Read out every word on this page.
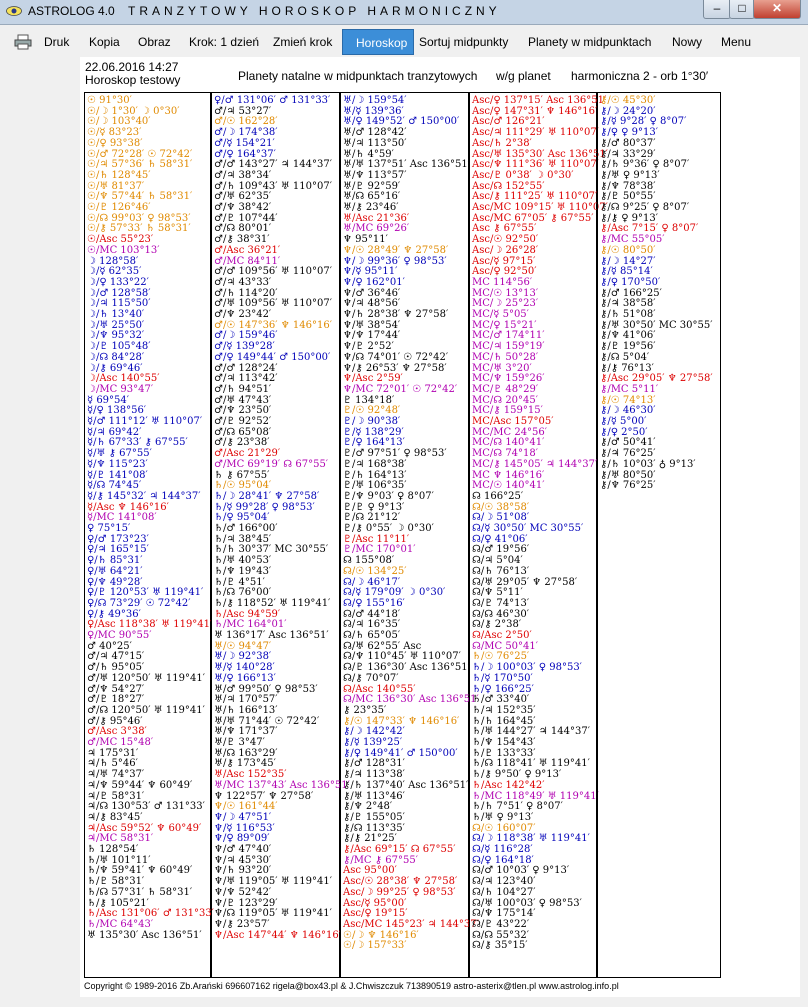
ASTROLOG 4.0 TRANZYTOWY HOROSKOP HARMONICZNY	–	□	✕
Druk Kopia Obraz Krok: 1 dzień Zmień krok	Horoskop Sortuj midpunkty Planety w midpunktach Nowy Menu
22.06.2016 14:27
Horoskop testowy	Planety natalne w midpunktach tranzytowych w/g planet harmoniczna 2 - orb 1°30′
☉ 91°30′
☉/☽ 1°30′ ☽ 0°30′
☉/☽ 103°40′
☉/☿ 83°23′
☉/♀ 93°38′
☉/♂ 72°28′ ☉ 72°42′
☉/♃ 57°36′ ♄ 58°31′
☉/♄ 128°45′
☉/♅ 81°37′
☉/♆ 57°44′ ♄ 58°31′
☉/♇ 126°46′
☉/☊ 99°03′ ♀ 98°53′
☉/⚷ 57°33′ ♄ 58°31′
☉/Asc 55°23′
☉/MC 103°13′
☽ 128°58′
☽/☿ 62°35′
☽/♀ 133°22′
☽/♂ 128°58′
☽/♃ 115°50′
☽/♄ 13°40′
☽/♅ 25°50′
☽/♆ 95°32′
☽/♇ 105°48′
☽/☊ 84°28′
☽/⚷ 69°46′
☽/Asc 140°55′
☽/MC 93°47′
☿ 69°54′
☿/♀ 138°56′
☿/♂ 111°12′ ♅ 110°07′
☿/♃ 69°42′
☿/♄ 67°33′ ⚷ 67°55′
☿/♅ ⚷ 67°55′
☿/♆ 115°23′
☿/♇ 141°08′
☿/☊ 74°45′
☿/⚷ 145°32′ ♃ 144°37′
☿/Asc ♆ 146°16′
☿/MC 141°08′
♀ 75°15′
♀/♂ 173°23′
♀/♃ 165°15′
♀/♄ 85°31′
♀/♅ 64°21′
♀/♆ 49°28′
♀/♇ 120°53′ ♅ 119°41′
♀/☊ 73°29′ ☉ 72°42′
♀/⚷ 49°36′
♀/Asc 118°38′ ♅ 119°41′
♀/MC 90°55′
♂ 40°25′
♂/♃ 47°15′
♂/♄ 95°05′
♂/♅ 120°50′ ♅ 119°41′
♂/♆ 54°27′
♂/♇ 18°27′
♂/☊ 120°50′ ♅ 119°41′
♂/⚷ 95°46′
♂/Asc 3°38′
♂/MC 15°48′
♃ 175°31′
♃/♄ 5°46′
♃/♅ 74°37′
♃/♆ 59°44′ ♆ 60°49′
♃/♇ 58°31′
♃/☊ 130°53′ ♂ 131°33′
♃/⚷ 83°45′
♃/Asc 59°52′ ♆ 60°49′
♃/MC 58°31′
♄ 128°54′
♄/♅ 101°11′
♄/♆ 59°41′ ♆ 60°49′
♄/♇ 58°31′
♄/☊ 57°31′ ♄ 58°31′
♄/⚷ 105°21′
♄/Asc 131°06′ ♂ 131°33′
♄/MC 64°43′
♅ 135°30′ Asc 136°51′
♀/♂ 131°06′ ♂ 131°33′
♂/♃ 53°27′
♂/☉ 162°28′
♂/☽ 174°38′
♂/☿ 154°21′
♂/♀ 164°37′
♂/♂ 143°27′ ♃ 144°37′
♂/♃ 38°34′
♂/♄ 109°43′ ♅ 110°07′
♂/♅ 62°35′
♂/♆ 38°42′
♂/♇ 107°44′
♂/☊ 80°01′
♂/⚷ 38°31′
♂/Asc 36°21′
♂/MC 84°11′
♂/♂ 109°56′ ♅ 110°07′
♂/♃ 43°33′
♂/♄ 114°20′
♂/♅ 109°56′ ♅ 110°07′
♂/♆ 23°42′
♂/☉ 147°36′ ♆ 146°16′
♂/☽ 159°46′
♂/☿ 139°28′
♂/♀ 149°44′ ♂ 150°00′
♂/♂ 128°24′
♂/♃ 113°42′
♂/♄ 94°51′
♂/♅ 47°43′
♂/♆ 23°50′
♂/♇ 92°52′
♂/☊ 65°08′
♂/⚷ 23°38′
♂/Asc 21°29′
♂/MC 69°19′ ☊ 67°55′
♄ ⚷ 67°55′
♄/☉ 95°04′
♄/☽ 28°41′ ♆ 27°58′
♄/☿ 99°28′ ♀ 98°53′
♄/♀ 95°04′
♄/♂ 166°00′
♄/♃ 38°45′
♄/♄ 30°37′ MC 30°55′
♄/♅ 40°53′
♄/♆ 19°43′
♄/♇ 4°51′
♄/☊ 76°00′
♄/⚷ 118°52′ ♅ 119°41′
♄/Asc 94°59′
♄/MC 164°01′
♅ 136°17′ Asc 136°51′
♅/☉ 94°47′
♅/☽ 92°38′
♅/☿ 140°28′
♅/♀ 166°13′
♅/♂ 99°50′ ♀ 98°53′
♅/♃ 170°57′
♅/♄ 166°13′
♅/♅ 71°44′ ☉ 72°42′
♅/♆ 171°37′
♅/♇ 3°47′
♅/☊ 163°29′
♅/⚷ 173°45′
♅/Asc 152°35′
♅/MC 137°43′ Asc 136°51′
♆ 122°57′ ♆ 27°58′
♆/☉ 161°44′
♆/☽ 47°51′
♆/☿ 116°53′
♆/♀ 89°09′
♆/♂ 47°40′
♆/♃ 45°30′
♆/♄ 93°20′
♆/♅ 119°05′ ♅ 119°41′
♆/♆ 52°42′
♆/♇ 123°29′
♆/☊ 119°05′ ♅ 119°41′
♆/⚷ 23°57′
♆/Asc 147°44′ ♆ 146°16′
♅/☽ 159°54′
♅/☿ 139°36′
♅/♀ 149°52′ ♂ 150°00′
♅/♂ 128°42′
♅/♃ 113°50′
♅/♄ 4°59′
♅/♅ 137°51′ Asc 136°51′
♅/♆ 113°57′
♅/♇ 92°59′
♅/☊ 65°16′
♅/⚷ 23°46′
♅/Asc 21°36′
♅/MC 69°26′
♆ 95°11′
♆/☉ 28°49′ ♆ 27°58′
♆/☽ 99°36′ ♀ 98°53′
♆/☿ 95°11′
♆/♀ 162°01′
♆/♂ 36°46′
♆/♃ 48°56′
♆/♄ 28°38′ ♆ 27°58′
♆/♅ 38°54′
♆/♆ 17°44′
♆/♇ 2°52′
♆/☊ 74°01′ ☉ 72°42′
♆/⚷ 26°53′ ♆ 27°58′
♆/Asc 2°59′
♆/MC 72°01′ ☉ 72°42′
♇ 134°18′
♇/☉ 92°48′
♇/☽ 90°38′
♇/☿ 138°29′
♇/♀ 164°13′
♇/♂ 97°51′ ♀ 98°53′
♇/♃ 168°38′
♇/♄ 164°13′
♇/♅ 106°35′
♇/♆ 9°03′ ♀ 8°07′
♇/♇ ♀ 9°13′
♇/☊ 21°12′
♇/⚷ 0°55′ ☽ 0°30′
♇/Asc 11°11′
♇/MC 170°01′
☊ 155°08′
☊/☉ 134°25′
☊/☽ 46°17′
☊/☿ 179°09′ ☽ 0°30′
☊/♀ 155°16′
☊/♂ 44°18′
☊/♃ 16°35′
☊/♄ 65°05′
☊/♅ 62°55′ Asc
☊/♆ 110°45′ ♅ 110°07′
☊/♇ 136°30′ Asc 136°51′
☊/⚷ 70°07′
☊/Asc 140°55′
☊/MC 136°30′ Asc 136°51′
⚷ 23°35′
⚷/☉ 147°33′ ♆ 146°16′
⚷/☽ 142°42′
⚷/☿ 139°25′
⚷/♀ 149°41′ ♂ 150°00′
⚷/♂ 128°31′
⚷/♃ 113°38′
⚷/♄ 137°40′ Asc 136°51′
⚷/♅ 113°46′
⚷/♆ 2°48′
⚷/♇ 155°05′
⚷/☊ 113°35′
⚷/⚷ 21°25′
⚷/Asc 69°15′ ☊ 67°55′
⚷/MC ⚷ 67°55′
Asc 95°00′
Asc/☉ 28°38′ ♆ 27°58′
Asc/☽ 99°25′ ♀ 98°53′
Asc/☿ 95°00′
Asc/♀ 19°15′
Asc/MC 145°23′ ♃ 144°37′
☉/☽ ♆ 146°16′
☉/☽ 157°33′
Asc/♀ 137°15′ Asc 136°51′
Asc/♀ 147°31′ ♆ 146°16′
Asc/♂ 126°21′
Asc/♃ 111°29′ ♅ 110°07′
Asc/♄ 2°38′
Asc/♅ 135°30′ Asc 136°51′
Asc/♆ 111°36′ ♅ 110°07′
Asc/♇ 0°38′ ☽ 0°30′
Asc/☊ 152°55′
Asc/⚷ 111°25′ ♅ 110°07′
Asc/MC 109°15′ ♅ 110°07′
Asc/MC 67°05′ ⚷ 67°55′
Asc ⚷ 67°55′
Asc/☉ 92°50′
Asc/☽ 26°28′
Asc/☿ 97°15′
Asc/♀ 92°50′
MC 114°56′
MC/☉ 13°13′
MC/☽ 25°23′
MC/☿ 5°05′
MC/♀ 15°21′
MC/♂ 174°11′
MC/♃ 159°19′
MC/♄ 50°28′
MC/♅ 3°20′
MC/♆ 159°26′
MC/♇ 48°29′
MC/☊ 20°45′
MC/⚷ 159°15′
MC/Asc 157°05′
MC/MC 24°56′
MC/☊ 140°41′
MC/☊ 74°18′
MC/⚷ 145°05′ ♃ 144°37′
MC ♆ 146°16′
MC/☉ 140°41′
☊ 166°25′
☊/☉ 38°58′
☊/☽ 51°08′
☊/☿ 30°50′ MC 30°55′
☊/♀ 41°06′
☊/♂ 19°56′
☊/♃ 5°04′
☊/♄ 76°13′
☊/♅ 29°05′ ♆ 27°58′
☊/♆ 5°11′
☊/♇ 74°13′
☊/☊ 46°30′
☊/⚷ 2°38′
☊/Asc 2°50′
☊/MC 50°41′
♄/☉ 76°25′
♄/☽ 100°03′ ♀ 98°53′
♄/☿ 170°50′
♄/♀ 166°25′
♄/♂ 33°40′
♄/♃ 152°35′
♄/♄ 164°45′
♄/♅ 144°27′ ♃ 144°37′
♄/♆ 154°43′
♄/♇ 133°33′
♄/☊ 118°41′ ♅ 119°41′
♄/⚷ 9°50′ ♀ 9°13′
♄/Asc 142°42′
♄/MC 118°49′ ♅ 119°41′
♄/♄ 7°51′ ♀ 8°07′
♄/♅ ♀ 9°13′
☊/☉ 160°07′
☊/☽ 118°38′ ♅ 119°41′
☊/☿ 116°28′
☊/♀ 164°18′
☊/♂ 10°03′ ♀ 9°13′
☊/♃ 123°40′
☊/♄ 104°27′
☊/♅ 100°03′ ♀ 98°53′
☊/♆ 175°14′
☊/♇ 43°22′
☊/☊ 55°32′
☊/⚷ 35°15′
⚷/☉ 45°30′
⚷/☽ 24°20′
⚷/☿ 9°28′ ♀ 8°07′
⚷/♀ ♀ 9°13′
⚷/♂ 80°37′
⚷/♃ 33°29′
⚷/♄ 9°36′ ♀ 8°07′
⚷/♅ ♀ 9°13′
⚷/♆ 78°38′
⚷/♇ 50°55′
⚷/☊ 9°25′ ♀ 8°07′
⚷/⚷ ♀ 9°13′
⚷/Asc 7°15′ ♀ 8°07′
⚷/MC 55°05′
⚷/☉ 80°50′
⚷/☽ 14°27′
⚷/☿ 85°14′
⚷/♀ 170°50′
⚷/♂ 166°25′
⚷/♃ 38°58′
⚷/♄ 51°08′
⚷/♅ 30°50′ MC 30°55′
⚷/♆ 41°06′
⚷/♇ 19°56′
⚷/☊ 5°04′
⚷/⚷ 76°13′
⚷/Asc 29°05′ ♆ 27°58′
⚷/MC 5°11′
⚷/☉ 74°13′
⚷/☽ 46°30′
⚷/☿ 5°00′
⚷/♀ 2°50′
⚷/♂ 50°41′
⚷/♃ 76°25′
⚷/♄ 10°03′ ♁ 9°13′
⚷/♅ 80°50′
⚷/♆ 76°25′
Copyright © 1989-2016 Zb.Arański 696607162 rigela@box43.pl & J.Chwiszczuk 713890519 astro-asterix@tlen.pl www.astrolog.info.pl
